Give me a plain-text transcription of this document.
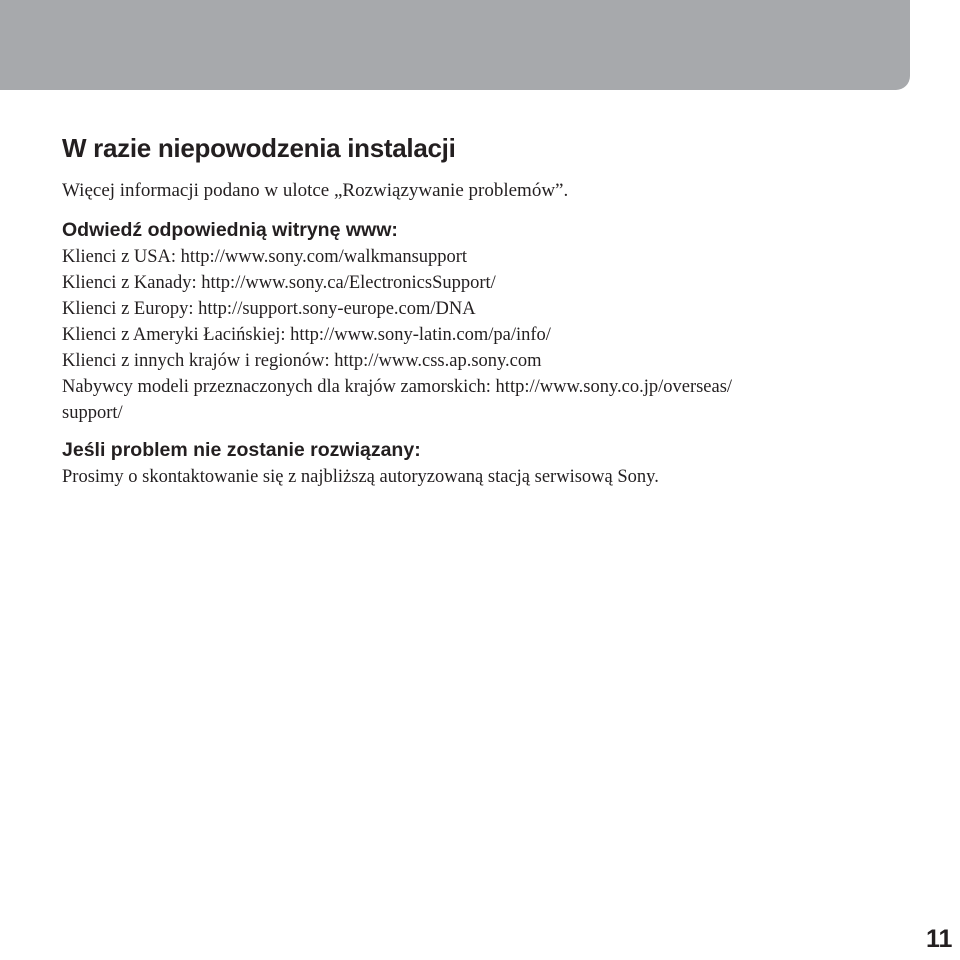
W razie niepowodzenia instalacji

Więcej informacji podano w ulotce „Rozwiązywanie problemów”.

Odwiedź odpowiednią witrynę www:

Klienci z USA: http://www.sony.com/walkmansupport

Klienci z Kanady: http://www.sony.ca/ElectronicsSupport/

Klienci z Europy: http://support.sony-europe.com/DNA

Klienci z Ameryki Łacińskiej: http://www.sony-latin.com/pa/info/

Klienci z innych krajów i regionów: http://www.css.ap.sony.com

Nabywcy modeli przeznaczonych dla krajów zamorskich: http://www.sony.co.jp/overseas/

support/

Jeśli problem nie zostanie rozwiązany:

Prosimy o skontaktowanie się z najbliższą autoryzowaną stacją serwisową Sony.

11
